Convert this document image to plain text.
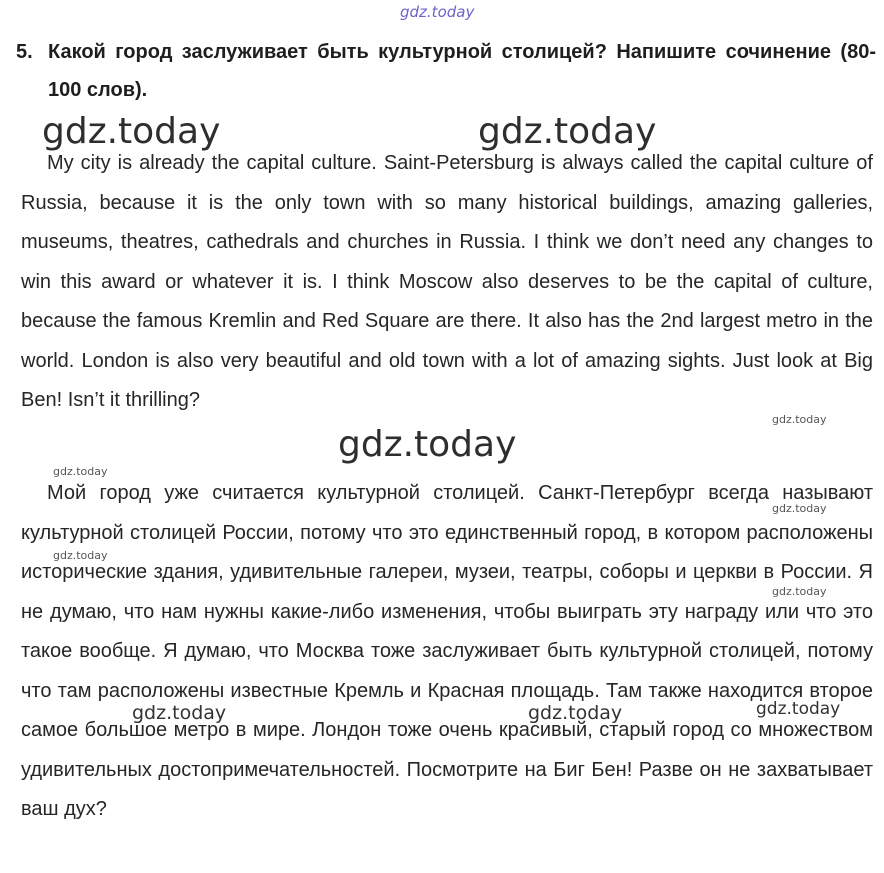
5. Какой город заслуживает быть культурной столицей? Напишите сочинение (80-100 слов).
My city is already the capital culture. Saint-Petersburg is always called the capital culture of Russia, because it is the only town with so many historical buildings, amazing galleries, museums, theatres, cathedrals and churches in Russia. I think we don’t need any changes to win this award or whatever it is. I think Moscow also deserves to be the capital of culture, because the famous Kremlin and Red Square are there. It also has the 2nd largest metro in the world. London is also very beautiful and old town with a lot of amazing sights. Just look at Big Ben! Isn’t it thrilling?
Мой город уже считается культурной столицей. Санкт-Петербург всегда называют культурной столицей России, потому что это единственный город, в котором расположены исторические здания, удивительные галереи, музеи, театры, соборы и церкви в России. Я не думаю, что нам нужны какие-либо изменения, чтобы выиграть эту награду или что это такое вообще. Я думаю, что Москва тоже заслуживает быть культурной столицей, потому что там расположены известные Кремль и Красная площадь. Там также находится второе самое большое метро в мире. Лондон тоже очень красивый, старый город со множеством удивительных достопримечательностей. Посмотрите на Биг Бен! Разве он не захватывает ваш дух?
gdz.today
gdz.today	gdz.today
gdz.today
gdz.today
gdz.today
gdz.today
gdz.today
gdz.today
gdz.today	gdz.today	gdz.today
